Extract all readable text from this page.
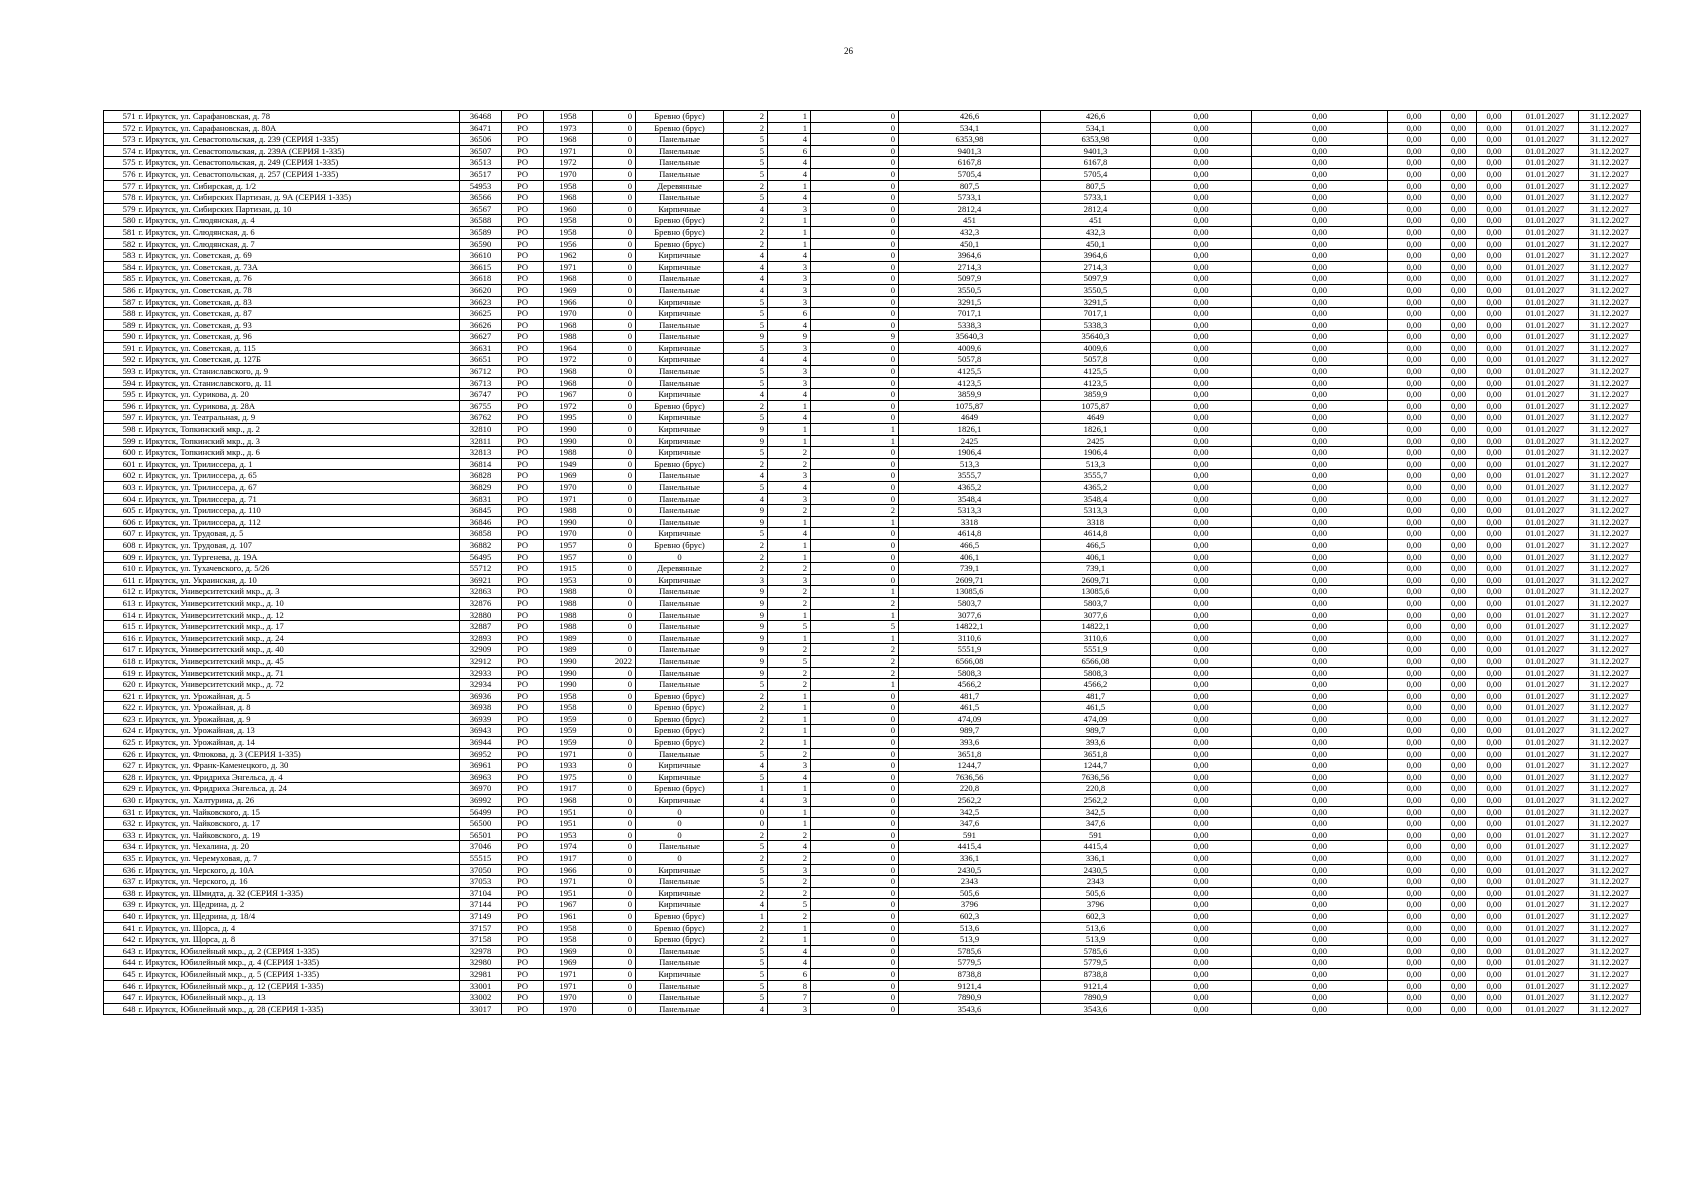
26
571	г. Иркутск, ул. Сарафановская, д. 78	36468	РО	1958	0	Бревно (брус)	2	1	0	426,6	426,6	0,00	0,00	0,00	0,00	0,00	01.01.2027	31.12.2027
572	г. Иркутск, ул. Сарафановская, д. 80А	36471	РО	1973	0	Бревно (брус)	2	1	0	534,1	534,1	0,00	0,00	0,00	0,00	0,00	01.01.2027	31.12.2027
573	г. Иркутск, ул. Севастопольская, д. 239 (СЕРИЯ 1-335)	36506	РО	1968	0	Панельные	5	4	0	6353,98	6353,98	0,00	0,00	0,00	0,00	0,00	01.01.2027	31.12.2027
574	г. Иркутск, ул. Севастопольская, д. 239А (СЕРИЯ 1-335)	36507	РО	1971	0	Панельные	5	6	0	9401,3	9401,3	0,00	0,00	0,00	0,00	0,00	01.01.2027	31.12.2027
575	г. Иркутск, ул. Севастопольская, д. 249 (СЕРИЯ 1-335)	36513	РО	1972	0	Панельные	5	4	0	6167,8	6167,8	0,00	0,00	0,00	0,00	0,00	01.01.2027	31.12.2027
576	г. Иркутск, ул. Севастопольская, д. 257 (СЕРИЯ 1-335)	36517	РО	1970	0	Панельные	5	4	0	5705,4	5705,4	0,00	0,00	0,00	0,00	0,00	01.01.2027	31.12.2027
577	г. Иркутск, ул. Сибирская, д. 1/2	54953	РО	1958	0	Деревянные	2	1	0	807,5	807,5	0,00	0,00	0,00	0,00	0,00	01.01.2027	31.12.2027
578	г. Иркутск, ул. Сибирских Партизан, д. 9А (СЕРИЯ 1-335)	36566	РО	1968	0	Панельные	5	4	0	5733,1	5733,1	0,00	0,00	0,00	0,00	0,00	01.01.2027	31.12.2027
579	г. Иркутск, ул. Сибирских Партизан, д. 10	36567	РО	1960	0	Кирпичные	4	3	0	2812,4	2812,4	0,00	0,00	0,00	0,00	0,00	01.01.2027	31.12.2027
580	г. Иркутск, ул. Слюдянская, д. 4	36588	РО	1958	0	Бревно (брус)	2	1	0	451	451	0,00	0,00	0,00	0,00	0,00	01.01.2027	31.12.2027
581	г. Иркутск, ул. Слюдянская, д. 6	36589	РО	1958	0	Бревно (брус)	2	1	0	432,3	432,3	0,00	0,00	0,00	0,00	0,00	01.01.2027	31.12.2027
582	г. Иркутск, ул. Слюдянская, д. 7	36590	РО	1956	0	Бревно (брус)	2	1	0	450,1	450,1	0,00	0,00	0,00	0,00	0,00	01.01.2027	31.12.2027
583	г. Иркутск, ул. Советская, д. 69	36610	РО	1962	0	Кирпичные	4	4	0	3964,6	3964,6	0,00	0,00	0,00	0,00	0,00	01.01.2027	31.12.2027
584	г. Иркутск, ул. Советская, д. 73А	36615	РО	1971	0	Кирпичные	4	3	0	2714,3	2714,3	0,00	0,00	0,00	0,00	0,00	01.01.2027	31.12.2027
585	г. Иркутск, ул. Советская, д. 76	36618	РО	1968	0	Панельные	4	3	0	5097,9	5097,9	0,00	0,00	0,00	0,00	0,00	01.01.2027	31.12.2027
586	г. Иркутск, ул. Советская, д. 78	36620	РО	1969	0	Панельные	4	3	0	3550,5	3550,5	0,00	0,00	0,00	0,00	0,00	01.01.2027	31.12.2027
587	г. Иркутск, ул. Советская, д. 83	36623	РО	1966	0	Кирпичные	5	3	0	3291,5	3291,5	0,00	0,00	0,00	0,00	0,00	01.01.2027	31.12.2027
588	г. Иркутск, ул. Советская, д. 87	36625	РО	1970	0	Кирпичные	5	6	0	7017,1	7017,1	0,00	0,00	0,00	0,00	0,00	01.01.2027	31.12.2027
589	г. Иркутск, ул. Советская, д. 93	36626	РО	1968	0	Панельные	5	4	0	5338,3	5338,3	0,00	0,00	0,00	0,00	0,00	01.01.2027	31.12.2027
590	г. Иркутск, ул. Советская, д. 96	36627	РО	1988	0	Панельные	9	9	9	35640,3	35640,3	0,00	0,00	0,00	0,00	0,00	01.01.2027	31.12.2027
591	г. Иркутск, ул. Советская, д. 115	36631	РО	1964	0	Кирпичные	5	3	0	4009,6	4009,6	0,00	0,00	0,00	0,00	0,00	01.01.2027	31.12.2027
592	г. Иркутск, ул. Советская, д. 127Б	36651	РО	1972	0	Кирпичные	4	4	0	5057,8	5057,8	0,00	0,00	0,00	0,00	0,00	01.01.2027	31.12.2027
593	г. Иркутск, ул. Станиславского, д. 9	36712	РО	1968	0	Панельные	5	3	0	4125,5	4125,5	0,00	0,00	0,00	0,00	0,00	01.01.2027	31.12.2027
594	г. Иркутск, ул. Станиславского, д. 11	36713	РО	1968	0	Панельные	5	3	0	4123,5	4123,5	0,00	0,00	0,00	0,00	0,00	01.01.2027	31.12.2027
595	г. Иркутск, ул. Сурикова, д. 20	36747	РО	1967	0	Кирпичные	4	4	0	3859,9	3859,9	0,00	0,00	0,00	0,00	0,00	01.01.2027	31.12.2027
596	г. Иркутск, ул. Сурикова, д. 28А	36755	РО	1972	0	Бревно (брус)	2	1	0	1075,87	1075,87	0,00	0,00	0,00	0,00	0,00	01.01.2027	31.12.2027
597	г. Иркутск, ул. Театральная, д. 9	36762	РО	1995	0	Кирпичные	5	4	0	4649	4649	0,00	0,00	0,00	0,00	0,00	01.01.2027	31.12.2027
598	г. Иркутск, Топкинский мкр., д. 2	32810	РО	1990	0	Кирпичные	9	1	1	1826,1	1826,1	0,00	0,00	0,00	0,00	0,00	01.01.2027	31.12.2027
599	г. Иркутск, Топкинский мкр., д. 3	32811	РО	1990	0	Кирпичные	9	1	1	2425	2425	0,00	0,00	0,00	0,00	0,00	01.01.2027	31.12.2027
600	г. Иркутск, Топкинский мкр., д. 6	32813	РО	1988	0	Кирпичные	5	2	0	1906,4	1906,4	0,00	0,00	0,00	0,00	0,00	01.01.2027	31.12.2027
601	г. Иркутск, ул. Трилиссера, д. 1	36814	РО	1949	0	Бревно (брус)	2	2	0	513,3	513,3	0,00	0,00	0,00	0,00	0,00	01.01.2027	31.12.2027
602	г. Иркутск, ул. Трилиссера, д. 65	36828	РО	1969	0	Панельные	4	3	0	3555,7	3555,7	0,00	0,00	0,00	0,00	0,00	01.01.2027	31.12.2027
603	г. Иркутск, ул. Трилиссера, д. 67	36829	РО	1970	0	Панельные	5	4	0	4365,2	4365,2	0,00	0,00	0,00	0,00	0,00	01.01.2027	31.12.2027
604	г. Иркутск, ул. Трилиссера, д. 71	36831	РО	1971	0	Панельные	4	3	0	3548,4	3548,4	0,00	0,00	0,00	0,00	0,00	01.01.2027	31.12.2027
605	г. Иркутск, ул. Трилиссера, д. 110	36845	РО	1988	0	Панельные	9	2	2	5313,3	5313,3	0,00	0,00	0,00	0,00	0,00	01.01.2027	31.12.2027
606	г. Иркутск, ул. Трилиссера, д. 112	36846	РО	1990	0	Панельные	9	1	1	3318	3318	0,00	0,00	0,00	0,00	0,00	01.01.2027	31.12.2027
607	г. Иркутск, ул. Трудовая, д. 5	36858	РО	1970	0	Кирпичные	5	4	0	4614,8	4614,8	0,00	0,00	0,00	0,00	0,00	01.01.2027	31.12.2027
608	г. Иркутск, ул. Трудовая, д. 107	36882	РО	1957	0	Бревно (брус)	2	1	0	466,5	466,5	0,00	0,00	0,00	0,00	0,00	01.01.2027	31.12.2027
609	г. Иркутск, ул. Тургенева, д. 19А	56495	РО	1957	0	0	2	1	0	406,1	406,1	0,00	0,00	0,00	0,00	0,00	01.01.2027	31.12.2027
610	г. Иркутск, ул. Тухачевского, д. 5/26	55712	РО	1915	0	Деревянные	2	2	0	739,1	739,1	0,00	0,00	0,00	0,00	0,00	01.01.2027	31.12.2027
611	г. Иркутск, ул. Украинская, д. 10	36921	РО	1953	0	Кирпичные	3	3	0	2609,71	2609,71	0,00	0,00	0,00	0,00	0,00	01.01.2027	31.12.2027
612	г. Иркутск, Университетский мкр., д. 3	32863	РО	1988	0	Панельные	9	2	1	13085,6	13085,6	0,00	0,00	0,00	0,00	0,00	01.01.2027	31.12.2027
613	г. Иркутск, Университетский мкр., д. 10	32876	РО	1988	0	Панельные	9	2	2	5803,7	5803,7	0,00	0,00	0,00	0,00	0,00	01.01.2027	31.12.2027
614	г. Иркутск, Университетский мкр., д. 12	32880	РО	1988	0	Панельные	9	1	1	3077,6	3077,6	0,00	0,00	0,00	0,00	0,00	01.01.2027	31.12.2027
615	г. Иркутск, Университетский мкр., д. 17	32887	РО	1988	0	Панельные	9	5	5	14822,1	14822,1	0,00	0,00	0,00	0,00	0,00	01.01.2027	31.12.2027
616	г. Иркутск, Университетский мкр., д. 24	32893	РО	1989	0	Панельные	9	1	1	3110,6	3110,6	0,00	0,00	0,00	0,00	0,00	01.01.2027	31.12.2027
617	г. Иркутск, Университетский мкр., д. 40	32909	РО	1989	0	Панельные	9	2	2	5551,9	5551,9	0,00	0,00	0,00	0,00	0,00	01.01.2027	31.12.2027
618	г. Иркутск, Университетский мкр., д. 45	32912	РО	1990	2022	Панельные	9	5	2	6566,08	6566,08	0,00	0,00	0,00	0,00	0,00	01.01.2027	31.12.2027
619	г. Иркутск, Университетский мкр., д. 71	32933	РО	1990	0	Панельные	9	2	2	5808,3	5808,3	0,00	0,00	0,00	0,00	0,00	01.01.2027	31.12.2027
620	г. Иркутск, Университетский мкр., д. 72	32934	РО	1990	0	Панельные	5	2	1	4566,2	4566,2	0,00	0,00	0,00	0,00	0,00	01.01.2027	31.12.2027
621	г. Иркутск, ул. Урожайная, д. 5	36936	РО	1958	0	Бревно (брус)	2	1	0	481,7	481,7	0,00	0,00	0,00	0,00	0,00	01.01.2027	31.12.2027
622	г. Иркутск, ул. Урожайная, д. 8	36938	РО	1958	0	Бревно (брус)	2	1	0	461,5	461,5	0,00	0,00	0,00	0,00	0,00	01.01.2027	31.12.2027
623	г. Иркутск, ул. Урожайная, д. 9	36939	РО	1959	0	Бревно (брус)	2	1	0	474,09	474,09	0,00	0,00	0,00	0,00	0,00	01.01.2027	31.12.2027
624	г. Иркутск, ул. Урожайная, д. 13	36943	РО	1959	0	Бревно (брус)	2	1	0	989,7	989,7	0,00	0,00	0,00	0,00	0,00	01.01.2027	31.12.2027
625	г. Иркутск, ул. Урожайная, д. 14	36944	РО	1959	0	Бревно (брус)	2	1	0	393,6	393,6	0,00	0,00	0,00	0,00	0,00	01.01.2027	31.12.2027
626	г. Иркутск, ул. Флюкова, д. 3 (СЕРИЯ 1-335)	36952	РО	1971	0	Панельные	5	2	0	3651,8	3651,8	0,00	0,00	0,00	0,00	0,00	01.01.2027	31.12.2027
627	г. Иркутск, ул. Франк-Каменецкого, д. 30	36961	РО	1933	0	Кирпичные	4	3	0	1244,7	1244,7	0,00	0,00	0,00	0,00	0,00	01.01.2027	31.12.2027
628	г. Иркутск, ул. Фридриха Энгельса, д. 4	36963	РО	1975	0	Кирпичные	5	4	0	7636,56	7636,56	0,00	0,00	0,00	0,00	0,00	01.01.2027	31.12.2027
629	г. Иркутск, ул. Фридриха Энгельса, д. 24	36970	РО	1917	0	Бревно (брус)	1	1	0	220,8	220,8	0,00	0,00	0,00	0,00	0,00	01.01.2027	31.12.2027
630	г. Иркутск, ул. Халтурина, д. 26	36992	РО	1968	0	Кирпичные	4	3	0	2562,2	2562,2	0,00	0,00	0,00	0,00	0,00	01.01.2027	31.12.2027
631	г. Иркутск, ул. Чайковского, д. 15	56499	РО	1951	0	0	0	1	0	342,5	342,5	0,00	0,00	0,00	0,00	0,00	01.01.2027	31.12.2027
632	г. Иркутск, ул. Чайковского, д. 17	56500	РО	1951	0	0	0	1	0	347,6	347,6	0,00	0,00	0,00	0,00	0,00	01.01.2027	31.12.2027
633	г. Иркутск, ул. Чайковского, д. 19	56501	РО	1953	0	0	2	2	0	591	591	0,00	0,00	0,00	0,00	0,00	01.01.2027	31.12.2027
634	г. Иркутск, ул. Чехалина, д. 20	37046	РО	1974	0	Панельные	5	4	0	4415,4	4415,4	0,00	0,00	0,00	0,00	0,00	01.01.2027	31.12.2027
635	г. Иркутск, ул. Черемуховая, д. 7	55515	РО	1917	0	0	2	2	0	336,1	336,1	0,00	0,00	0,00	0,00	0,00	01.01.2027	31.12.2027
636	г. Иркутск, ул. Черского, д. 10А	37050	РО	1966	0	Кирпичные	5	3	0	2430,5	2430,5	0,00	0,00	0,00	0,00	0,00	01.01.2027	31.12.2027
637	г. Иркутск, ул. Черского, д. 16	37053	РО	1971	0	Панельные	5	2	0	2343	2343	0,00	0,00	0,00	0,00	0,00	01.01.2027	31.12.2027
638	г. Иркутск, ул. Шмидта, д. 32 (СЕРИЯ 1-335)	37104	РО	1951	0	Кирпичные	2	2	0	505,6	505,6	0,00	0,00	0,00	0,00	0,00	01.01.2027	31.12.2027
639	г. Иркутск, ул. Щедрина, д. 2	37144	РО	1967	0	Кирпичные	4	5	0	3796	3796	0,00	0,00	0,00	0,00	0,00	01.01.2027	31.12.2027
640	г. Иркутск, ул. Щедрина, д. 18/4	37149	РО	1961	0	Бревно (брус)	1	2	0	602,3	602,3	0,00	0,00	0,00	0,00	0,00	01.01.2027	31.12.2027
641	г. Иркутск, ул. Щорса, д. 4	37157	РО	1958	0	Бревно (брус)	2	1	0	513,6	513,6	0,00	0,00	0,00	0,00	0,00	01.01.2027	31.12.2027
642	г. Иркутск, ул. Щорса, д. 8	37158	РО	1958	0	Бревно (брус)	2	1	0	513,9	513,9	0,00	0,00	0,00	0,00	0,00	01.01.2027	31.12.2027
643	г. Иркутск, Юбилейный мкр., д. 2 (СЕРИЯ 1-335)	32978	РО	1969	0	Панельные	5	4	0	5785,6	5785,6	0,00	0,00	0,00	0,00	0,00	01.01.2027	31.12.2027
644	г. Иркутск, Юбилейный мкр., д. 4 (СЕРИЯ 1-335)	32980	РО	1969	0	Панельные	5	4	0	5779,5	5779,5	0,00	0,00	0,00	0,00	0,00	01.01.2027	31.12.2027
645	г. Иркутск, Юбилейный мкр., д. 5 (СЕРИЯ 1-335)	32981	РО	1971	0	Кирпичные	5	6	0	8738,8	8738,8	0,00	0,00	0,00	0,00	0,00	01.01.2027	31.12.2027
646	г. Иркутск, Юбилейный мкр., д. 12 (СЕРИЯ 1-335)	33001	РО	1971	0	Панельные	5	8	0	9121,4	9121,4	0,00	0,00	0,00	0,00	0,00	01.01.2027	31.12.2027
647	г. Иркутск, Юбилейный мкр., д. 13	33002	РО	1970	0	Панельные	5	7	0	7890,9	7890,9	0,00	0,00	0,00	0,00	0,00	01.01.2027	31.12.2027
648	г. Иркутск, Юбилейный мкр., д. 28 (СЕРИЯ 1-335)	33017	РО	1970	0	Панельные	4	3	0	3543,6	3543,6	0,00	0,00	0,00	0,00	0,00	01.01.2027	31.12.2027
